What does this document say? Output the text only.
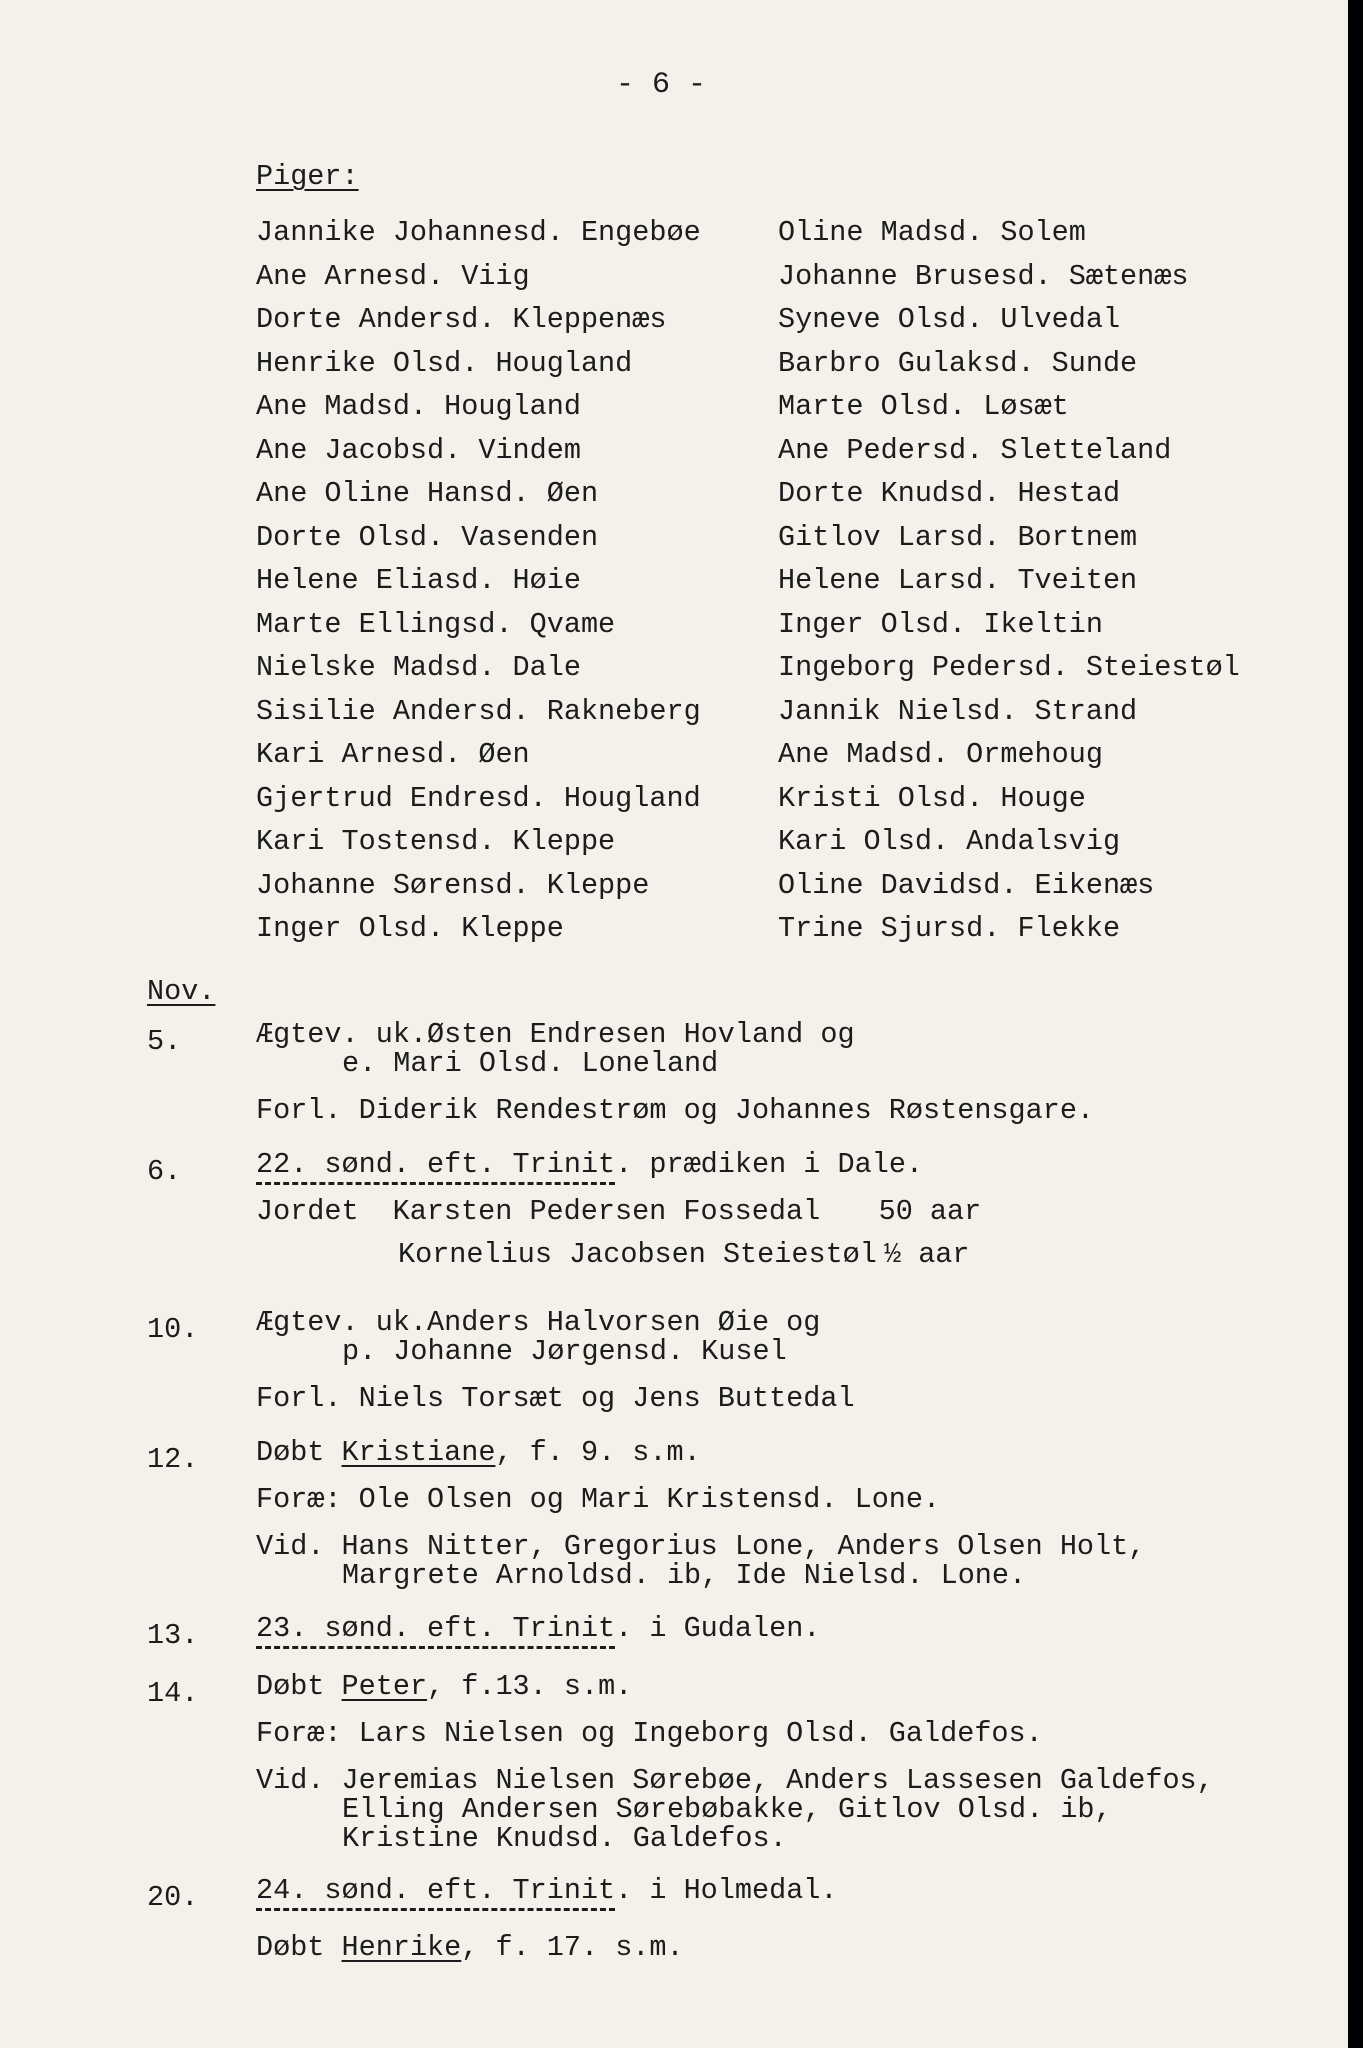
- 6 -
Piger:
Jannike Johannesd. Engebøe
Ane Arnesd. Viig
Dorte Andersd. Kleppenæs
Henrike Olsd. Hougland
Ane Madsd. Hougland
Ane Jacobsd. Vindem
Ane Oline Hansd. Øen
Dorte Olsd. Vasenden
Helene Eliasd. Høie
Marte Ellingsd. Qvame
Nielske Madsd. Dale
Sisilie Andersd. Rakneberg
Kari Arnesd. Øen
Gjertrud Endresd. Hougland
Kari Tostensd. Kleppe
Johanne Sørensd. Kleppe
Inger Olsd. Kleppe
Oline Madsd. Solem
Johanne Brusesd. Sætenæs
Syneve Olsd. Ulvedal
Barbro Gulaksd. Sunde
Marte Olsd. Løsæt
Ane Pedersd. Sletteland
Dorte Knudsd. Hestad
Gitlov Larsd. Bortnem
Helene Larsd. Tveiten
Inger Olsd. Ikeltin
Ingeborg Pedersd. Steiestøl
Jannik Nielsd. Strand
Ane Madsd. Ormehoug
Kristi Olsd. Houge
Kari Olsd. Andalsvig
Oline Davidsd. Eikenæs
Trine Sjursd. Flekke
Nov.
5.	Ægtev. uk.Østen Endresen Hovland og
e. Mari Olsd. Loneland
Forl. Diderik Rendestrøm og Johannes Røstensgare.
6.	22. sønd. eft. Trinit. prædiken i Dale.
Jordet Karsten Pedersen Fossedal 50 aar
Kornelius Jacobsen Steiestøl ½ aar
10. Ægtev. uk.Anders Halvorsen Øie og
p. Johanne Jørgensd. Kusel
Forl. Niels Torsæt og Jens Buttedal
12. Døbt Kristiane, f. 9. s.m.
Foræ: Ole Olsen og Mari Kristensd. Lone.
Vid. Hans Nitter, Gregorius Lone, Anders Olsen Holt,
Margrete Arnoldsd. ib, Ide Nielsd. Lone.
13. 23. sønd. eft. Trinit. i Gudalen.
14. Døbt Peter, f.13. s.m.
Foræ: Lars Nielsen og Ingeborg Olsd. Galdefos.
Vid. Jeremias Nielsen Sørebøe, Anders Lassesen Galdefos,
Elling Andersen Sørebøbakke, Gitlov Olsd. ib,
Kristine Knudsd. Galdefos.
20. 24. sønd. eft. Trinit. i Holmedal.
Døbt Henrike, f. 17. s.m.
